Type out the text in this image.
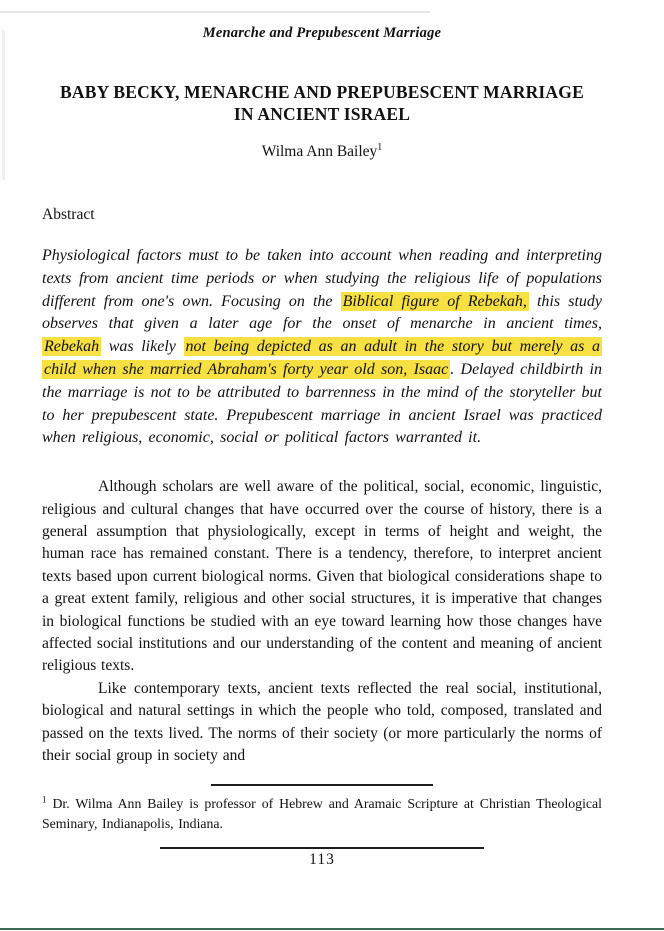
Menarche and Prepubescent Marriage
BABY BECKY, MENARCHE AND PREPUBESCENT MARRIAGE
IN ANCIENT ISRAEL
Wilma Ann Bailey$^1$
Abstract

Physiological factors must to be taken into account when reading and interpreting texts from ancient time periods or when studying the religious life of populations different from one's own. Focusing on the Biblical figure of Rebekah, this study observes that given a later age for the onset of menarche in ancient times, Rebekah was likely not being depicted as an adult in the story but merely as a child when she married Abraham's forty year old son, Isaac . Delayed childbirth in the marriage is not to be attributed to barrenness in the mind of the storyteller but to her prepubescent state. Prepubescent marriage in ancient Israel was practiced when religious, economic, social or political factors warranted it.

Although scholars are well aware of the political, social, economic, linguistic, religious and cultural changes that have occurred over the course of history, there is a general assumption that physiologically, except in terms of height and weight, the human race has remained constant. There is a tendency, therefore, to interpret ancient texts based upon current biological norms. Given that biological considerations shape to a great extent family, religious and other social structures, it is imperative that changes in biological functions be studied with an eye toward learning how those changes have affected social institutions and our understanding of the content and meaning of ancient religious texts.

Like contemporary texts, ancient texts reflected the real social, institutional, biological and natural settings in which the people who told, composed, translated and passed on the texts lived. The norms of their society (or more particularly the norms of their social group in society and

$^1$ Dr. Wilma Ann Bailey is professor of Hebrew and Aramaic Scripture at Christian Theological Seminary, Indianapolis, Indiana.

113
